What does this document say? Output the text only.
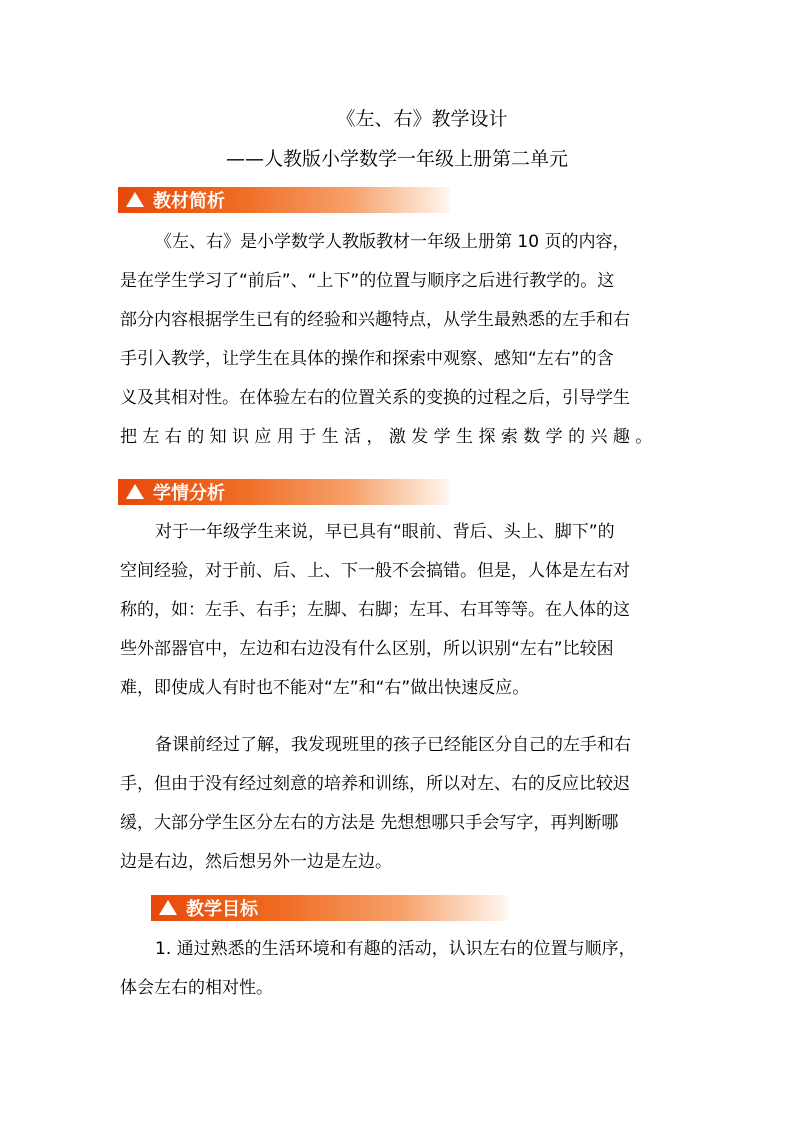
《左、右》教学设计
——人教版小学数学一年级上册第二单元
教材简析
《左、右》是小学数学人教版教材一年级上册第 10 页的内容，
是在学生学习了“前后”、“上下”的位置与顺序之后进行教学的。这
部分内容根据学生已有的经验和兴趣特点，从学生最熟悉的左手和右
手引入教学，让学生在具体的操作和探索中观察、感知“左右”的含
义及其相对性。在体验左右的位置关系的变换的过程之后，引导学生
把 左 右 的 知 识 应 用 于 生 活 ， 激 发 学 生 探 索 数 学 的 兴 趣 。
学情分析
对于一年级学生来说，早已具有“眼前、背后、头上、脚下”的
空间经验，对于前、后、上、下一般不会搞错。但是，人体是左右对
称的，如：左手、右手；左脚、右脚；左耳、右耳等等。在人体的这
些外部器官中，左边和右边没有什么区别，所以识别“左右”比较困
难，即使成人有时也不能对“左”和“右”做出快速反应。
备课前经过了解，我发现班里的孩子已经能区分自己的左手和右
手，但由于没有经过刻意的培养和训练，所以对左、右的反应比较迟
缓，大部分学生区分左右的方法是 先想想哪只手会写字，再判断哪
边是右边，然后想另外一边是左边。
教学目标
1. 通过熟悉的生活环境和有趣的活动，认识左右的位置与顺序，
体会左右的相对性。
